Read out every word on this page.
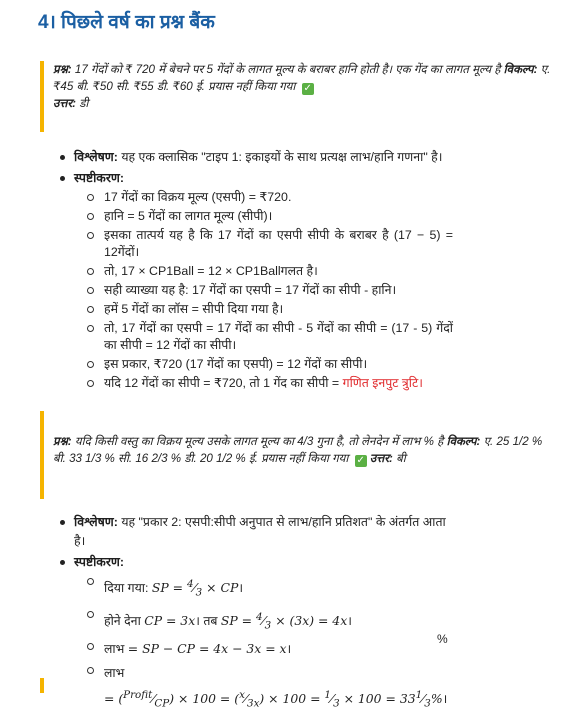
4। पिछले वर्ष का प्रश्न बैंक
प्रश्न: 17 गेंदों को ₹ 720 में बेचने पर 5 गेंदों के लागत मूल्य के बराबर हानि होती है। एक गेंद का लागत मूल्य है विकल्प: ए. ₹45 बी. ₹50 सी. ₹55 डी. ₹60 ई. प्रयास नहीं किया गया ✓
उत्तर: डी
विश्लेषण: यह एक क्लासिक "टाइप 1: इकाइयों के साथ प्रत्यक्ष लाभ/हानि गणना" है।
स्पष्टीकरण:
17 गेंदों का विक्रय मूल्य (एसपी) = ₹720.
हानि = 5 गेंदों का लागत मूल्य (सीपी)।
इसका तात्पर्य यह है कि 17 गेंदों का एसपी सीपी के बराबर है (17 − 5) = 12गेंदों।
तो, 17 × CP1Ball = 12 × CP1Ballगलत है।
सही व्याख्या यह है: 17 गेंदों का एसपी = 17 गेंदों का सीपी - हानि।
हमें 5 गेंदों का लॉस = सीपी दिया गया है।
तो, 17 गेंदों का एसपी = 17 गेंदों का सीपी - 5 गेंदों का सीपी = (17 - 5) गेंदों का सीपी = 12 गेंदों का सीपी।
इस प्रकार, ₹720 (17 गेंदों का एसपी) = 12 गेंदों का सीपी।
यदि 12 गेंदों का सीपी = ₹720, तो 1 गेंद का सीपी = गणित इनपुट त्रुटि।
प्रश्न: यदि किसी वस्तु का विक्रय मूल्य उसके लागत मूल्य का 4/3 गुना है, तो लेनदेन में लाभ % है विकल्प: ए. 25 1/2 % बी. 33 1/3 % सी. 16 2/3 % डी. 20 1/2 % ई. प्रयास नहीं किया गया ✓ उत्तर: बी
विश्लेषण: यह "प्रकार 2: एसपी:सीपी अनुपात से लाभ/हानि प्रतिशत" के अंतर्गत आता है।
स्पष्टीकरण:
दिया गया: SP = $^4⁄_3$ × CP।
होने देना CP = 3x। तब SP = $^4⁄_3 \times (3x)$ = 4x।
लाभ = SP − CP = 4x − 3x = x।
लाभ
= $(^{Profit}⁄_{CP}) \times 100$ = $(^x⁄_{3x}) \times 100$ = $^1⁄_3 \times 100$ = $33^1⁄_3\%।$
%
